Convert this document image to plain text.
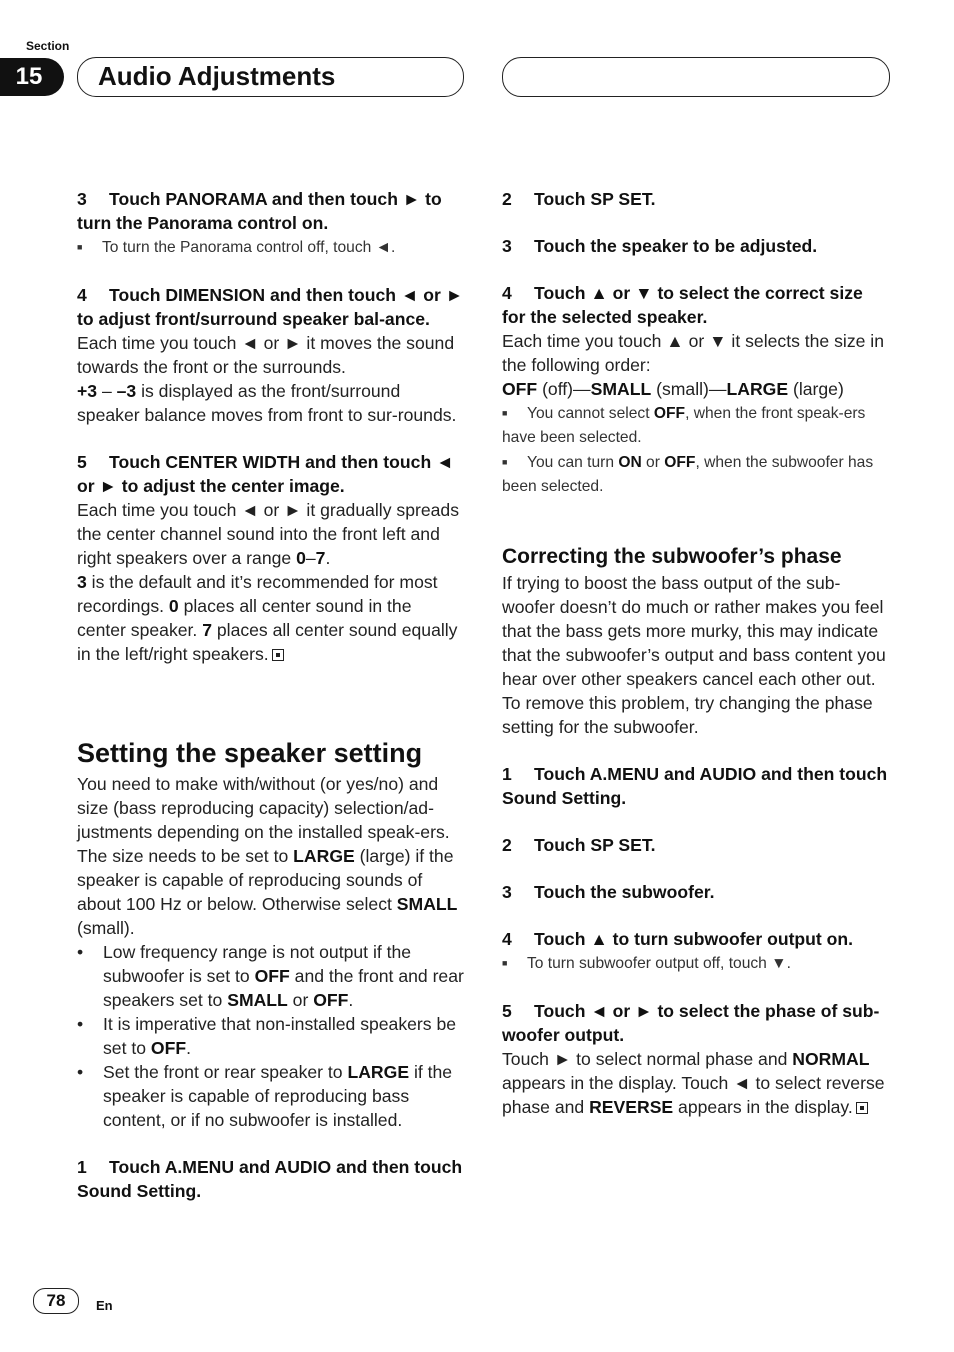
Section
15	Audio Adjustments

3 Touch PANORAMA and then touch ► to turn the Panorama control on.

■ To turn the Panorama control off, touch ◄.

4 Touch DIMENSION and then touch ◄ or ► to adjust front/surround speaker bal-ance.

Each time you touch ◄ or ► it moves the sound towards the front or the surrounds.
+3 – –3 is displayed as the front/surround speaker balance moves from front to sur-rounds.

5 Touch CENTER WIDTH and then touch ◄ or ► to adjust the center image.

Each time you touch ◄ or ► it gradually spreads the center channel sound into the front left and right speakers over a range 0–7.
3 is the default and it’s recommended for most recordings. 0 places all center sound in the center speaker. 7 places all center sound equally in the left/right speakers.

Setting the speaker setting

You need to make with/without (or yes/no) and size (bass reproducing capacity) selection/ad-justments depending on the installed speak-ers. The size needs to be set to LARGE (large) if the speaker is capable of reproducing sounds of about 100 Hz or below. Otherwise select SMALL (small).

• Low frequency range is not output if the subwoofer is set to OFF and the front and rear speakers set to SMALL or OFF.

• It is imperative that non-installed speakers be set to OFF.

• Set the front or rear speaker to LARGE if the speaker is capable of reproducing bass content, or if no subwoofer is installed.

1 Touch A.MENU and AUDIO and then touch Sound Setting.

2 Touch SP SET.

3 Touch the speaker to be adjusted.

4 Touch ▲ or ▼ to select the correct size for the selected speaker.

Each time you touch ▲ or ▼ it selects the size in the following order:
OFF (off)—SMALL (small)—LARGE (large)

■ You cannot select OFF, when the front speak-ers have been selected.

■ You can turn ON or OFF, when the subwoofer has been selected.

Correcting the subwoofer’s phase

If trying to boost the bass output of the sub-woofer doesn’t do much or rather makes you feel that the bass gets more murky, this may indicate that the subwoofer’s output and bass content you hear over other speakers cancel each other out. To remove this problem, try changing the phase setting for the subwoofer.

1 Touch A.MENU and AUDIO and then touch Sound Setting.

2 Touch SP SET.

3 Touch the subwoofer.

4 Touch ▲ to turn subwoofer output on.

■ To turn subwoofer output off, touch ▼.

5 Touch ◄ or ► to select the phase of sub-woofer output.

Touch ► to select normal phase and NORMAL appears in the display. Touch ◄ to select reverse phase and REVERSE appears in the display.

78	En
